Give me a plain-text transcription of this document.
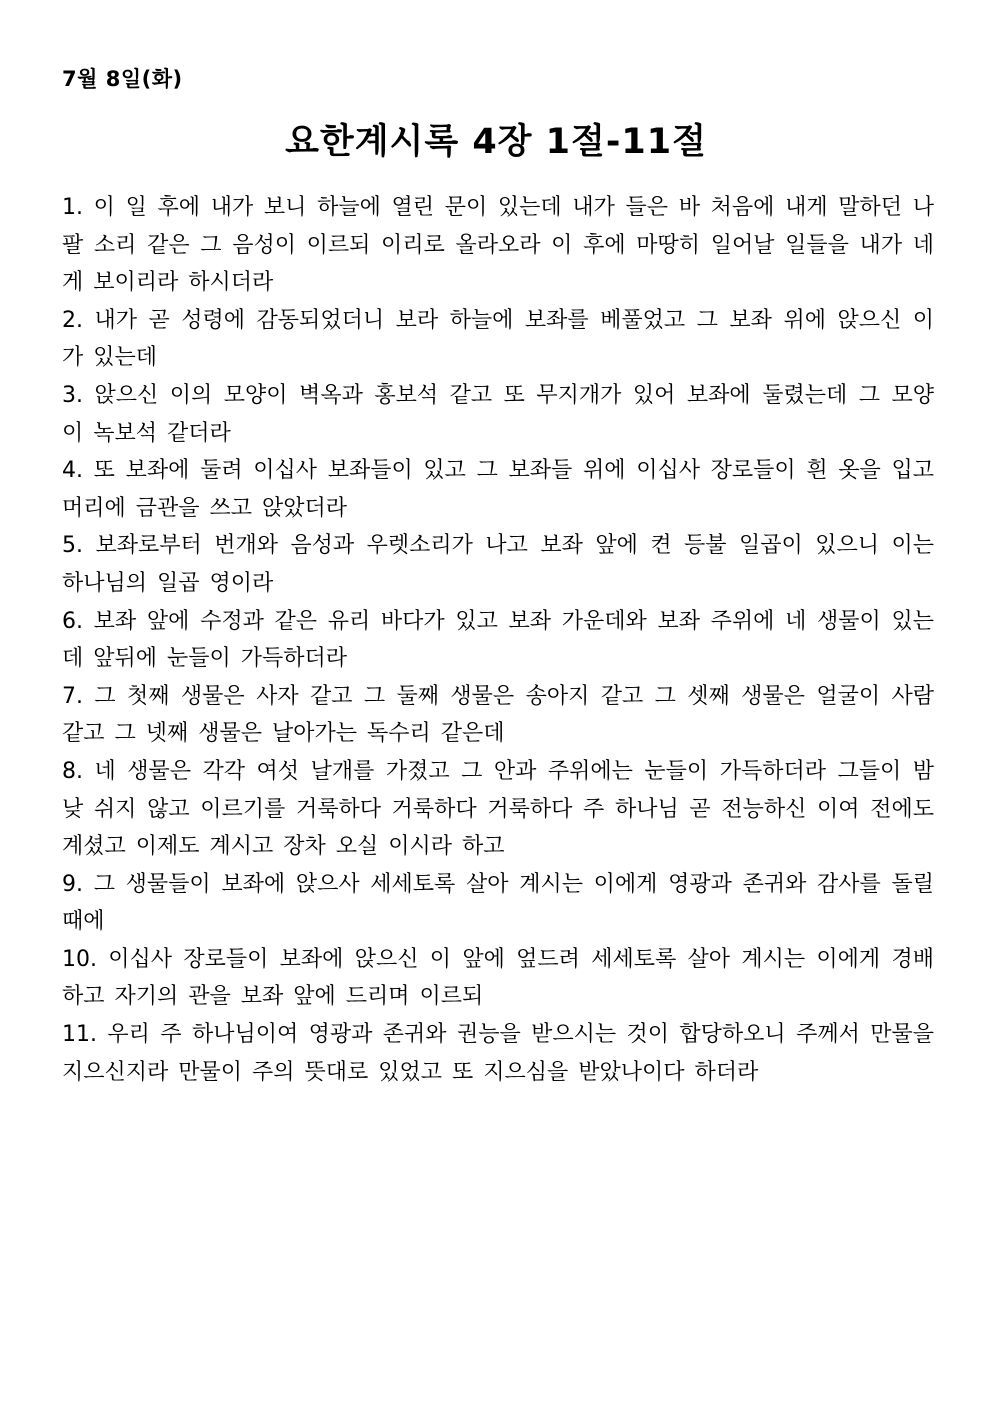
7월 8일(화)
요한계시록 4장 1절-11절
1. 이 일 후에 내가 보니 하늘에 열린 문이 있는데 내가 들은 바 처음에 내게 말하던 나팔 소리 같은 그 음성이 이르되 이리로 올라오라 이 후에 마땅히 일어날 일들을 내가 네게 보이리라 하시더라
2. 내가 곧 성령에 감동되었더니 보라 하늘에 보좌를 베풀었고 그 보좌 위에 앉으신 이가 있는데
3. 앉으신 이의 모양이 벽옥과 홍보석 같고 또 무지개가 있어 보좌에 둘렸는데 그 모양이 녹보석 같더라
4. 또 보좌에 둘려 이십사 보좌들이 있고 그 보좌들 위에 이십사 장로들이 흰 옷을 입고 머리에 금관을 쓰고 앉았더라
5. 보좌로부터 번개와 음성과 우렛소리가 나고 보좌 앞에 켠 등불 일곱이 있으니 이는 하나님의 일곱 영이라
6. 보좌 앞에 수정과 같은 유리 바다가 있고 보좌 가운데와 보좌 주위에 네 생물이 있는데 앞뒤에 눈들이 가득하더라
7. 그 첫째 생물은 사자 같고 그 둘째 생물은 송아지 같고 그 셋째 생물은 얼굴이 사람 같고 그 넷째 생물은 날아가는 독수리 같은데
8. 네 생물은 각각 여섯 날개를 가졌고 그 안과 주위에는 눈들이 가득하더라 그들이 밤낮 쉬지 않고 이르기를 거룩하다 거룩하다 거룩하다 주 하나님 곧 전능하신 이여 전에도 계셨고 이제도 계시고 장차 오실 이시라 하고
9. 그 생물들이 보좌에 앉으사 세세토록 살아 계시는 이에게 영광과 존귀와 감사를 돌릴 때에
10. 이십사 장로들이 보좌에 앉으신 이 앞에 엎드려 세세토록 살아 계시는 이에게 경배하고 자기의 관을 보좌 앞에 드리며 이르되
11. 우리 주 하나님이여 영광과 존귀와 권능을 받으시는 것이 합당하오니 주께서 만물을 지으신지라 만물이 주의 뜻대로 있었고 또 지으심을 받았나이다 하더라
